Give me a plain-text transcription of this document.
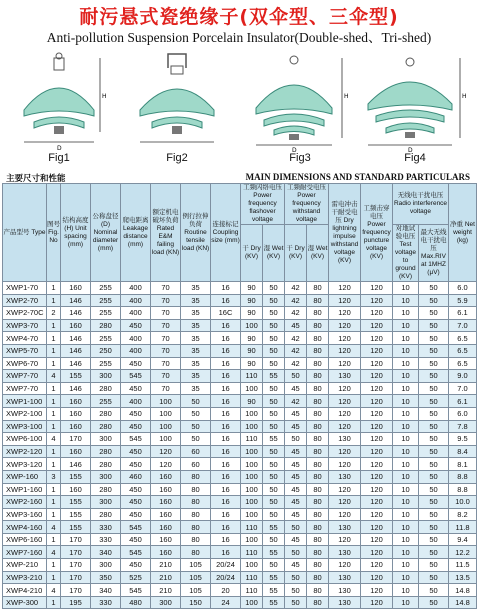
耐污悬式瓷绝缘子(双伞型、三伞型)
Anti-pollution Suspension Porcelain Insulator(Double-shed、Tri-shed)
H
D
Fig1	Fig2
H
D
Fig3
H
D
Fig4
主要尺寸和性能	MAIN DIMENSIONS AND STANDARD PARTICULARS
产品型号 Type	图号 Fig. No	结构高度 (H) Unit spacing (mm)	公称盘径 (D) Nominal diameter (mm)	爬电距离 Leakage distance (mm)	额定机电破坏负荷 Rated E&M failing load (KN)	例行拉伸负荷 Routine tensile load (KN)	连接标记 Coupling size (mm)	工频闪络电压 Power frequency flashover voltage		工频耐受电压 Power frequency withstand voltage		雷电冲击干耐受电压 Dry lightning impulse withstand voltage (KV)	工频击穿电压 Power frequency puncture voltage (KV)	无线电干扰电压 Radio interference voltage		净重 Net weight (kg)
								干 Dry (KV)	湿 Wet (KV)	干 Dry (KV)	湿 Wet (KV)			对地试验电压 Test voltage to ground (KV)	最大无线电干扰电压 Max.RIV at 1MHZ (μV)	
XWP1-70	1	160	255	400	70	35	16	90	50	42	80	120	120	10	50	6.0
XWP2-70	1	146	255	400	70	35	16	90	50	42	80	120	120	10	50	5.9
XWP2-70C	2	146	255	400	70	35	16C	90	50	42	80	120	120	10	50	6.1
XWP3-70	1	160	280	450	70	35	16	100	50	45	80	120	120	10	50	7.0
XWP4-70	1	146	255	400	70	35	16	90	50	42	80	120	120	10	50	6.5
XWP5-70	1	146	250	400	70	35	16	90	50	42	80	120	120	10	50	6.5
XWP6-70	1	146	255	450	70	35	16	90	50	42	80	120	120	10	50	6.5
XWP7-70	4	155	300	545	70	35	16	110	55	50	80	130	120	10	50	9.0
XWP7-70	1	146	280	450	70	35	16	100	50	45	80	120	120	10	50	7.0
XWP1-100	1	160	255	400	100	50	16	90	50	42	80	120	120	10	50	6.1
XWP2-100	1	160	280	450	100	50	16	100	50	45	80	120	120	10	50	6.0
XWP3-100	1	160	280	450	100	50	16	100	50	45	80	120	120	10	50	7.8
XWP6-100	4	170	300	545	100	50	16	110	55	50	80	130	120	10	50	9.5
XWP2-120	1	160	280	450	120	60	16	100	50	45	80	120	120	10	50	8.4
XWP3-120	1	146	280	450	120	60	16	100	50	45	80	120	120	10	50	8.1
XWP-160	3	155	300	460	160	80	16	100	50	45	80	130	120	10	50	8.8
XWP1-160	1	160	280	450	160	80	16	100	50	45	80	120	120	10	50	8.8
XWP2-160	1	155	300	450	160	80	16	100	50	45	80	120	120	10	50	10.0
XWP3-160	1	155	280	450	160	80	16	100	50	45	80	120	120	10	50	8.2
XWP4-160	4	155	330	545	160	80	16	110	55	50	80	130	120	10	50	11.8
XWP6-160	1	170	330	450	160	80	16	100	50	45	80	120	120	10	50	9.4
XWP7-160	4	170	340	545	160	80	16	110	55	50	80	130	120	10	50	12.2
XWP-210	1	170	300	450	210	105	20/24	100	50	45	80	120	120	10	50	11.5
XWP3-210	1	170	350	525	210	105	20/24	110	55	50	80	130	120	10	50	13.5
XWP4-210	4	170	340	545	210	105	20	110	55	50	80	130	120	10	50	14.8
XWP-300	1	195	330	480	300	150	24	100	55	50	80	130	120	10	50	14.8
